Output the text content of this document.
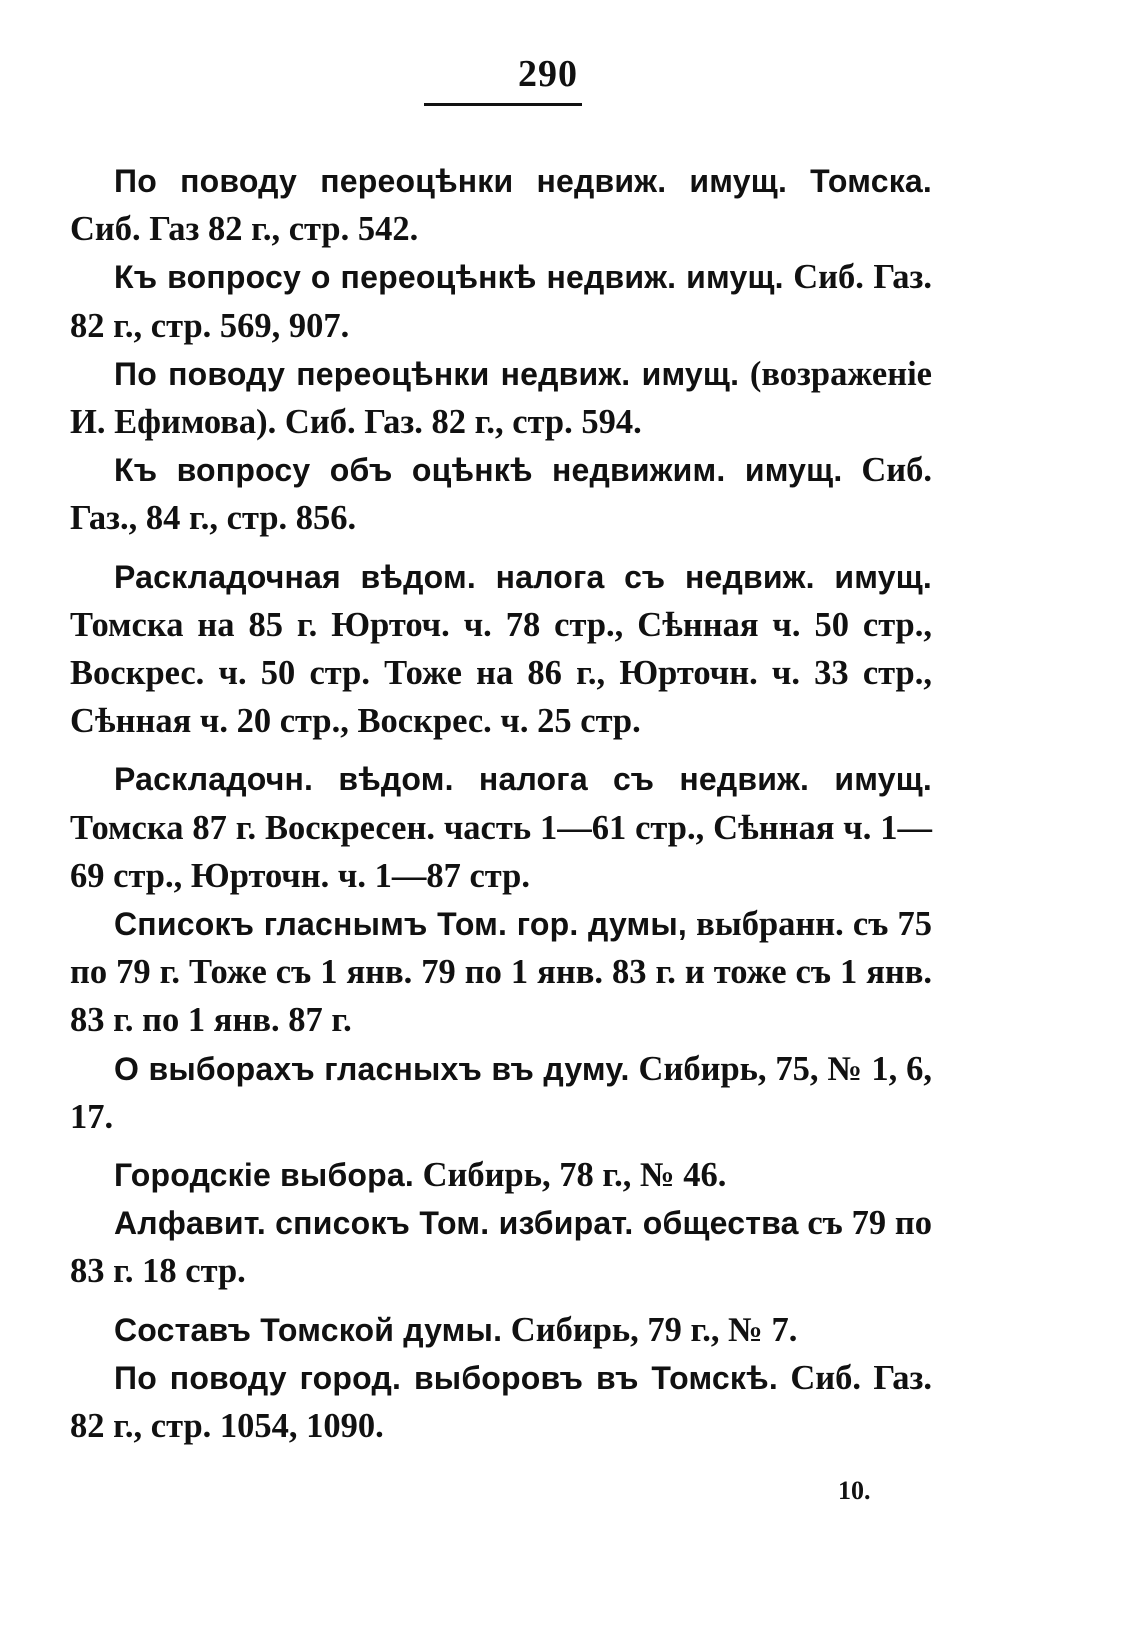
290

По поводу переоцѣнки недвиж. имущ. Томска. Сиб. Газ 82 г., стр. 542.

Къ вопросу о переоцѣнкѣ недвиж. имущ. Сиб. Газ. 82 г., стр. 569, 907.

По поводу переоцѣнки недвиж. имущ. (возраженіе И. Ефимова). Сиб. Газ. 82 г., стр. 594.

Къ вопросу объ оцѣнкѣ недвижим. имущ. Сиб. Газ., 84 г., стр. 856.

Раскладочная вѣдом. налога съ недвиж. имущ. Томска на 85 г. Юрточ. ч. 78 стр., Сѣнная ч. 50 стр., Воскрес. ч. 50 стр. Тоже на 86 г., Юрточн. ч. 33 стр., Сѣнная ч. 20 стр., Воскрес. ч. 25 стр.

Раскладочн. вѣдом. налога съ недвиж. имущ. Томска 87 г. Воскресен. часть 1—61 стр., Сѣнная ч. 1—69 стр., Юрточн. ч. 1—87 стр.

Списокъ гласнымъ Том. гор. думы, выбранн. съ 75 по 79 г. Тоже съ 1 янв. 79 по 1 янв. 83 г. и тоже съ 1 янв. 83 г. по 1 янв. 87 г.

О выборахъ гласныхъ въ думу. Сибирь, 75, № 1, 6, 17.

Городскіе выбора. Сибирь, 78 г., № 46.

Алфавит. списокъ Том. избират. общества съ 79 по 83 г. 18 стр.

Составъ Томской думы. Сибирь, 79 г., № 7.

По поводу город. выборовъ въ Томскѣ. Сиб. Газ. 82 г., стр. 1054, 1090.

10.
